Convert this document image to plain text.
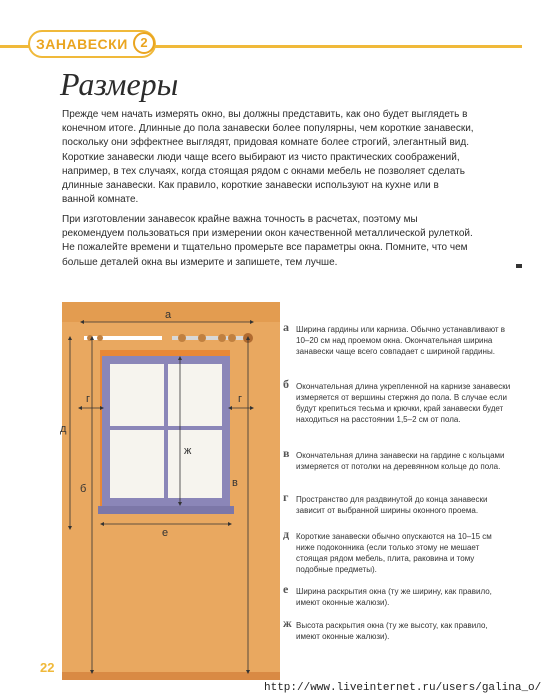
ЗАНАВЕСКИ 2
Размеры

Прежде чем начать измерять окно, вы должны представить, как оно будет выглядеть в конечном итоге. Длинные до пола занавески более популярны, чем короткие занавески, поскольку они эффектнее выглядят, придовая комнате более строгий, элегантный вид. Короткие занавески люди чаще всего выбирают из чисто практических соображений, например, в тех случаях, когда стоящая рядом с окнами мебель не позволяет сделать длинные занавески. Как правило, короткие занавески используют на кухне или в ванной комнате.

При изготовлении занавесок крайне важна точность в расчетах, поэтому мы рекомендуем пользоваться при измерении окон качественной металлической рулеткой. Не пожалейте времени и тщательно промерьте все параметры окна. Помните, что чем больше деталей окна вы измерите и запишете, тем лучше.

а
б	в
д
г	г
е
ж
а Ширина гардины или карниза. Обычно устанавливают в 10–20 см над проемом окна. Окончательная ширина занавески чаще всего совпадает с шириной гардины.
б Окончательная длина укрепленной на карнизе занавески измеряется от вершины стержня до пола. В случае если будут крепиться тесьма и крючки, край занавески будет находиться на расстоянии 1,5–2 см от пола.
в Окончательная длина занавески на гардине с кольцами измеряется от потолки на деревянном кольце до пола.
г Пространство для раздвинутой до конца занавески зависит от выбранной ширины оконного проема.
д Короткие занавески обычно опускаются на 10–15 см ниже подоконника (если только этому не мешает стоящая рядом мебель, плита, раковина и тому подобные предметы).
е Ширина раскрытия окна (ту же ширину, как правило, имеют оконные жалюзи).
ж Высота раскрытия окна (ту же высоту, как правило, имеют оконные жалюзи).
22
http://www.liveinternet.ru/users/galina_o/
